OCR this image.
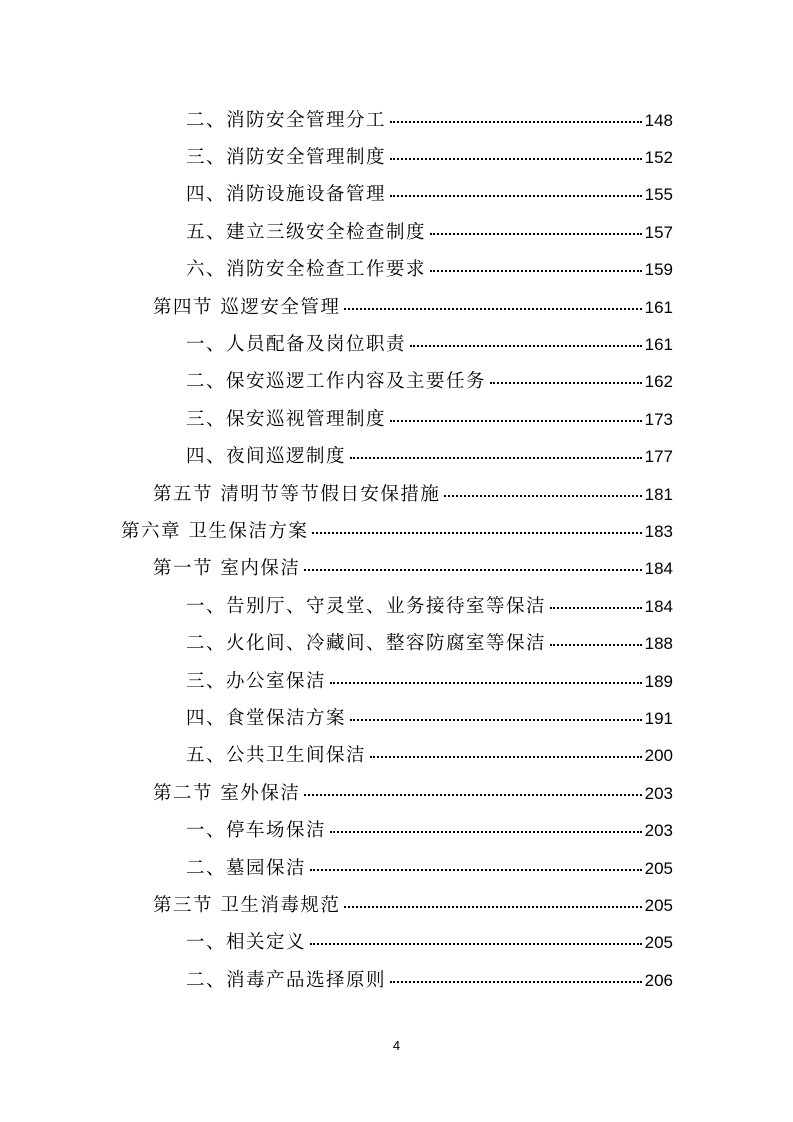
二、消防安全管理分工	148
三、消防安全管理制度	152
四、消防设施设备管理	155
五、建立三级安全检查制度	157
六、消防安全检查工作要求	159
第四节 巡逻安全管理	161
一、人员配备及岗位职责	161
二、保安巡逻工作内容及主要任务	162
三、保安巡视管理制度	173
四、夜间巡逻制度	177
第五节 清明节等节假日安保措施	181
第六章 卫生保洁方案	183
第一节 室内保洁	184
一、告别厅、守灵堂、业务接待室等保洁	184
二、火化间、冷藏间、整容防腐室等保洁	188
三、办公室保洁	189
四、食堂保洁方案	191
五、公共卫生间保洁	200
第二节 室外保洁	203
一、停车场保洁	203
二、墓园保洁	205
第三节 卫生消毒规范	205
一、相关定义	205
二、消毒产品选择原则	206
4
